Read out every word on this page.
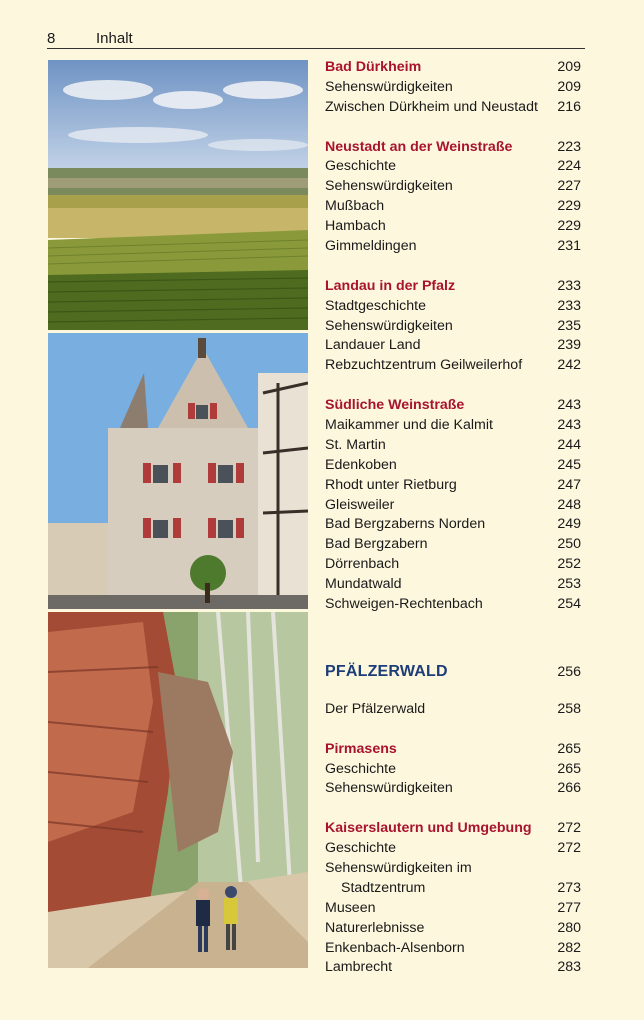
8	Inhalt
Bad Dürkheim	209
Sehenswürdigkeiten	209
Zwischen Dürkheim und Neustadt 216
Neustadt an der Weinstraße	223
Geschichte	224
Sehenswürdigkeiten	227
Mußbach	229
Hambach	229
Gimmeldingen	231
Landau in der Pfalz	233
Stadtgeschichte	233
Sehenswürdigkeiten	235
Landauer Land	239
Rebzuchtzentrum Geilweilerhof 242
Südliche Weinstraße	243
Maikammer und die Kalmit	243
St. Martin	244
Edenkoben	245
Rhodt unter Rietburg	247
Gleisweiler	248
Bad Bergzaberns Norden	249
Bad Bergzabern	250
Dörrenbach	252
Mundatwald	253
Schweigen-Rechtenbach	254
PFÄLZERWALD	256
Der Pfälzerwald	258
Pirmasens	265
Geschichte	265
Sehenswürdigkeiten	266
Kaiserslautern und Umgebung 272
Geschichte	272
Sehenswürdigkeiten im
Stadtzentrum	273
Museen	277
Naturerlebnisse	280
Enkenbach-Alsenborn	282
Lambrecht	283
